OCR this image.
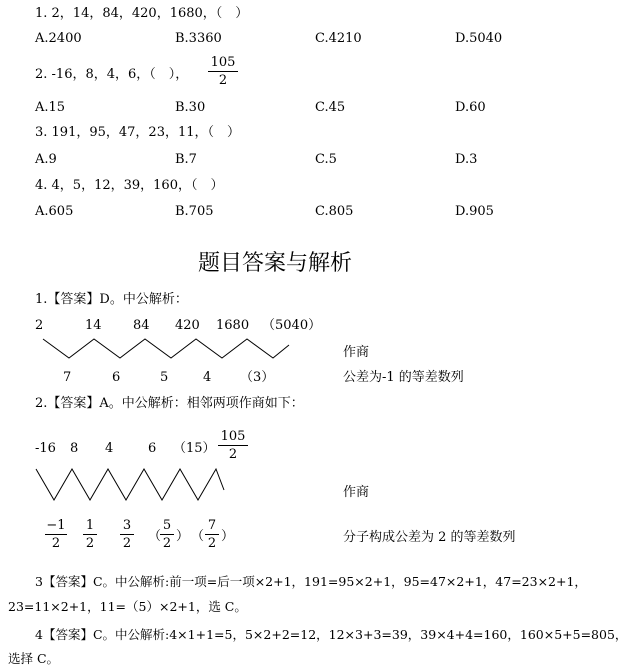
1. 2，14，84，420，1680，（　）
A.2400	B.3360	C.4210	D.5040
2. -16，8，4，6，（　）， $\frac{105}{2}$
A.15	B.30	C.45	D.60
3. 191，95，47，23，11，（　）
A.9	B.7	C.5	D.3
4. 4，5，12，39，160，（　）
A.605	B.705	C.805	D.905
题目答案与解析
1.【答案】D。中公解析：
2	14 84 420 1680 （5040）
7	6	5	4 （3）
作商
公差为-1 的等差数列
2.【答案】A。中公解析：相邻两项作商如下：
-16 8 4	6 $(15) \frac{105}{2}$
作商
$\frac{-1}{2} \frac{1}{2} \frac{3}{2}$ （
$\frac{5}{2}$ ） （ $\frac{7}{2}$ ）	分子构成公差为 2 的等差数列
3【答案】C。中公解析:前一项=后一项×2+1，191=95×2+1，95=47×2+1，47=23×2+1，
23=11×2+1，11=（5）×2+1，选 C。
4【答案】C。中公解析:4×1+1=5，5×2+2=12，12×3+3=39，39×4+4=160，160×5+5=805，
选择 C。
